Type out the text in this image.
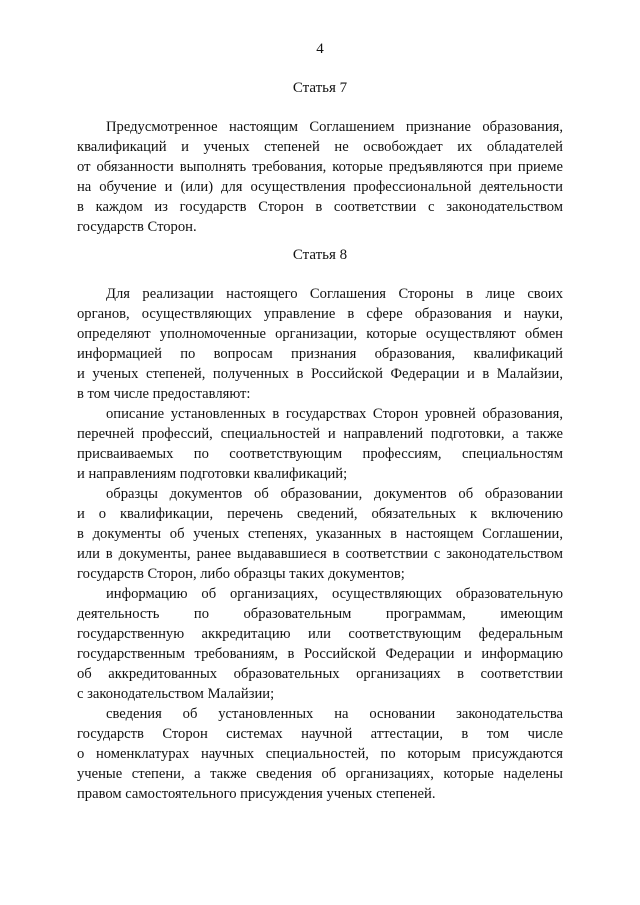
4
Статья 7
Предусмотренное настоящим Соглашением признание образования,
квалификаций и ученых степеней не освобождает их обладателей
от обязанности выполнять требования, которые предъявляются при приеме
на обучение и (или) для осуществления профессиональной деятельности
в каждом из государств Сторон в соответствии с законодательством
государств Сторон.
Статья 8
Для реализации настоящего Соглашения Стороны в лице своих
органов, осуществляющих управление в сфере образования и науки,
определяют уполномоченные организации, которые осуществляют обмен
информацией по вопросам признания образования, квалификаций
и ученых степеней, полученных в Российской Федерации и в Малайзии,
в том числе предоставляют:
описание установленных в государствах Сторон уровней образования,
перечней профессий, специальностей и направлений подготовки, а также
присваиваемых по соответствующим профессиям, специальностям
и направлениям подготовки квалификаций;
образцы документов об образовании, документов об образовании
и о квалификации, перечень сведений, обязательных к включению
в документы об ученых степенях, указанных в настоящем Соглашении,
или в документы, ранее выдававшиеся в соответствии с законодательством
государств Сторон, либо образцы таких документов;
информацию об организациях, осуществляющих образовательную
деятельность по образовательным программам, имеющим
государственную аккредитацию или соответствующим федеральным
государственным требованиям, в Российской Федерации и информацию
об аккредитованных образовательных организациях в соответствии
с законодательством Малайзии;
сведения об установленных на основании законодательства
государств Сторон системах научной аттестации, в том числе
о номенклатурах научных специальностей, по которым присуждаются
ученые степени, а также сведения об организациях, которые наделены
правом самостоятельного присуждения ученых степеней.
